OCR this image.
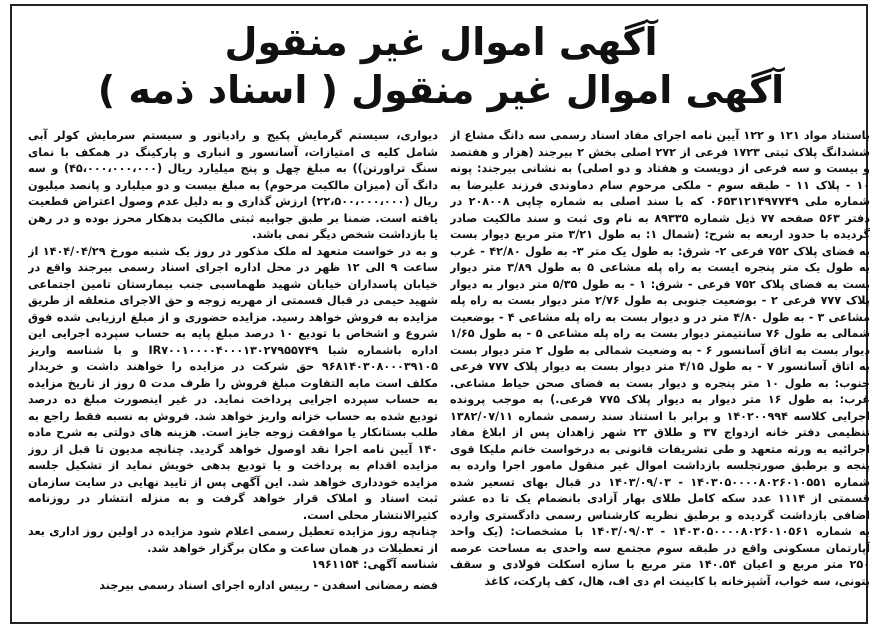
آگهی اموال غیر منقول
آگهی اموال غیر منقول ( اسناد ذمه )

باستناد مواد ۱۲۱ و ۱۲۲ آیین نامه اجرای مفاد اسناد رسمی سه دانگ مشاع از ششدانگ پلاک ثبتی ۱۷۲۳ فرعی از ۲۷۲ اصلی بخش ۲ بیرجند (هزار و هفتصد و بیست و سه فرعی از دویست و هفتاد و دو اصلی) به نشانی بیرجند: پونه ۱۰ - پلاک ۱۱ - طبقه سوم - ملکی مرحوم سام دماوندی فرزند علیرضا به شماره ملی ۰۶۵۳۱۲۱۴۹۷۷۴۹ که با سند اصلی به شماره چاپی ۲۰۸۰۰۸ در دفتر ۵۶۳ صفحه ۷۷ ذیل شماره ۸۹۳۳۵ به نام وی ثبت و سند مالکیت صادر گردیده با حدود اربعه به شرح: (شمال ۱: به طول ۳/۲۱ متر مربع دیوار بست به فضای پلاک ۷۵۲ فرعی ۲- شرق: به طول یک متر ۳- به طول ۴۲/۸۰ - غرب به طول یک متر پنجره ایست به راه پله مشاعی ۵ به طول ۳/۸۹ متر دیوار بست به فضای پلاک ۷۵۲ فرعی - شرق: ۱ - به طول ۵/۳۵ متر دیوار به دیوار پلاک ۷۷۷ فرعی ۲ - بوضعیت جنوبی به طول ۲/۷۶ متر دیوار بست به راه پله مشاعی ۳ - به طول ۴/۸۰ متر در و دیوار بست به راه پله مشاعی ۴ - بوضعیت شمالی به طول ۷۶ سانتیمتر دیوار بست به راه پله مشاعی ۵ - به طول ۱/۶۵ دیوار بست به اتاق آسانسور ۶ - به وضعیت شمالی به طول ۲ متر دیوار بست به اتاق آسانسور ۷ - به طول ۴/۱۵ متر دیوار بست به دیوار پلاک ۷۷۷ فرعی جنوب: به طول ۱۰ متر پنجره و دیوار بست به فضای صحن حیاط مشاعی. غرب: به طول ۱۶ متر دیوار به دیوار پلاک ۷۷۵ فرعی.) به موجب پرونده اجرایی کلاسه ۱۴۰۲۰۰۹۹۴ و برابر با استناد سند رسمی شماره ۱۳۸۲/۰۷/۱۱ تنظیمی دفتر خانه ازدواج ۳۷ و طلاق ۲۳ شهر زاهدان پس از ابلاغ مفاد اجرائیه به ورثه متعهد و طی تشریفات قانونی به درخواست خانم ملیکا قوی پنجه و برطبق صورتجلسه بازداشت اموال غیر منقول مامور اجرا وارده به شماره ۱۴۰۳۰۵۰۰۰۰۸۰۲۶۰۱۰۵۵۱ - ۱۴۰۳/۰۹/۰۳ در قبال بهای تسعیر شده قسمتی از ۱۱۱۴ عدد سکه کامل طلای بهار آزادی بانضمام یک تا ده عشر اضافی بازداشت گردیده و برطبق نظریه کارشناس رسمی دادگستری وارده به شماره ۱۴۰۳۰۵۰۰۰۰۸۰۲۶۰۱۰۵۶۱ - ۱۴۰۳/۰۹/۰۳ با مشخصات: (یک واحد آپارتمان مسکونی واقع در طبقه سوم مجتمع سه واحدی به مساحت عرصه ۲۵۰ متر مربع و اعیان ۱۴۰.۵۴ متر مربع با سازه اسکلت فولادی و سقف بتونی، سه خواب، آشپزخانه با کابینت ام دی اف، هال، کف پارکت، کاغذ

دیواری، سیستم گرمایش پکیج و رادیاتور و سیستم سرمایش کولر آبی شامل کلیه ی امتیازات، آسانسور و انباری و پارکینگ در همکف با نمای سنگ تراورتن)) به مبلغ چهل و پنج میلیارد ریال (۴۵،۰۰۰،۰۰۰،۰۰۰) و سه دانگ آن (میزان مالکیت مرحوم) به مبلغ بیست و دو میلیارد و پانصد میلیون ریال (۲۲،۵۰۰،۰۰۰،۰۰۰) ارزش گذاری و به دلیل عدم وصول اعتراض قطعیت یافته است. ضمنا بر طبق جوابیه ثبتی مالکیت بدهکار محرز بوده و در رهن یا بازداشت شخص دیگر نمی باشد.

و به در خواست متعهد له ملک مذکور در روز یک شنبه مورخ ۱۴۰۴/۰۴/۲۹ از ساعت ۹ الی ۱۲ ظهر در محل اداره اجرای اسناد رسمی بیرجند واقع در خیابان پاسداران خیابان شهید طهماسبی جنب بیمارستان تامین اجتماعی شهید حیمی در قبال قسمتی از مهریه زوجه و حق الاجرای متعلقه از طریق مزایده به فروش خواهد رسید. مزایده حضوری و از مبلغ ارزیابی شده فوق شروع و اشخاص با تودیع ۱۰ درصد مبلغ پایه به حساب سپرده اجرایی این اداره باشماره شبا IR۷۰۰۱۰۰۰۰۴۰۰۰۱۳۰۲۷۹۵۵۷۴۹ و با شناسه واریز ۹۶۸۱۴۰۳۰۸۰۰۰۳۹۱۰۵ حق شرکت در مزایده را خواهند داشت و خریدار مکلف است مابه التفاوت مبلغ فروش را ظرف مدت ۵ روز از تاریخ مزایده به حساب سپرده اجرایی پرداخت نماید. در غیر اینصورت مبلغ ده درصد تودیع شده به حساب خزانه واریز خواهد شد. فروش به نسبه فقط راجع به طلب بستانکار یا موافقت زوجه جایز است. هزینه های دولتی به شرح ماده ۱۴۰ آیین نامه اجرا نقد اوصول خواهد گردید. چنانچه مدیون تا قبل از روز مزایده اقدام به پرداخت و یا تودیع بدهی خویش نماید از تشکیل جلسه مزایده خودداری خواهد شد. این آگهی پس از تایید نهایی در سایت سازمان ثبت اسناد و املاک قرار خواهد گرفت و به منزله انتشار در روزنامه کثیرالانتشار محلی است.

چنانچه روز مزایده تعطیل رسمی اعلام شود مزایده در اولین روز اداری بعد از تعطیلات در همان ساعت و مکان برگزار خواهد شد.

شناسه آگهی: ۱۹۶۱۱۵۴

فضه رمضانی اسفدن - رییس اداره اجرای اسناد رسمی بیرجند
